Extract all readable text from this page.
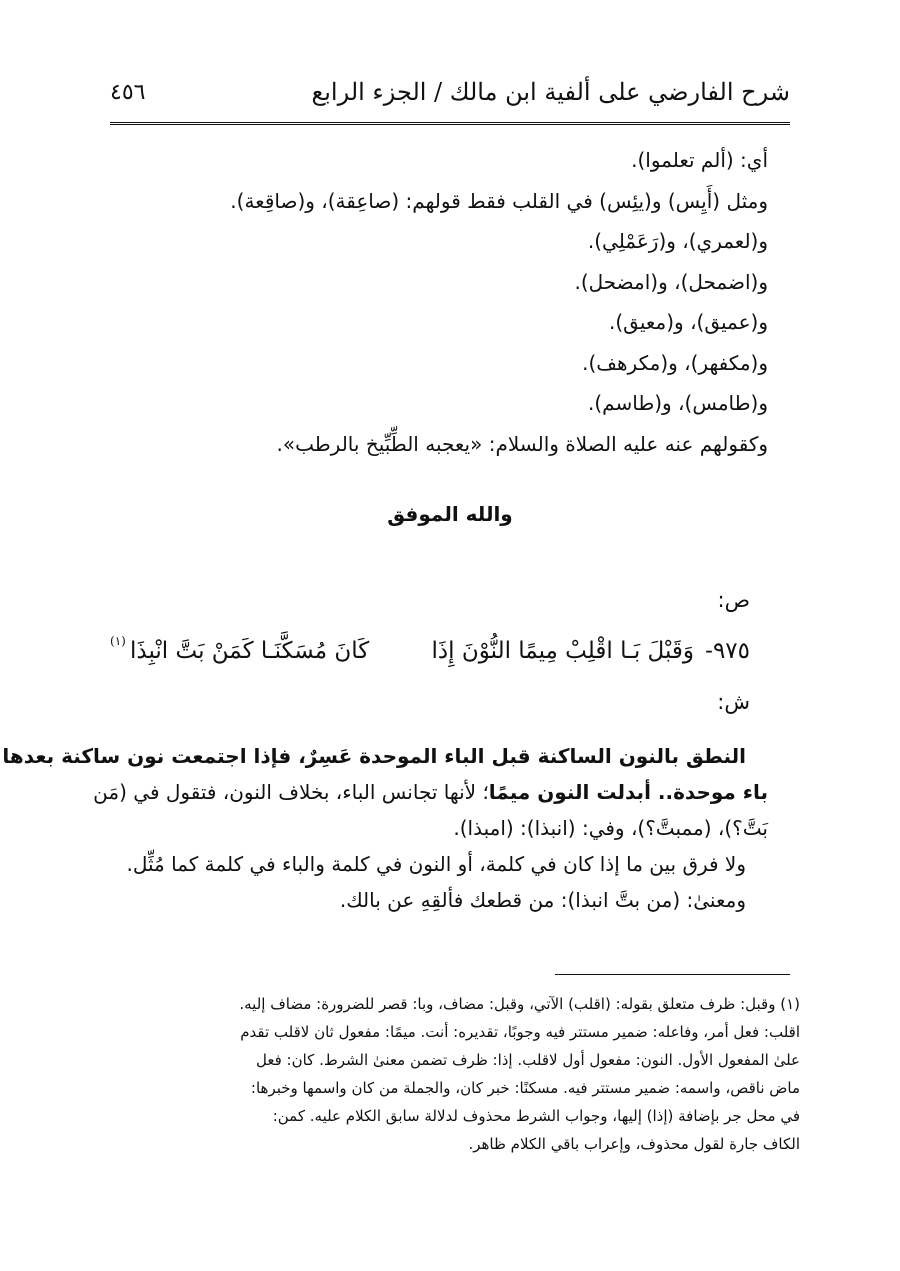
شرح الفارضي على ألفية ابن مالك / الجزء الرابع
٤٥٦
أي: (ألم تعلموا).
ومثل (أَيِس) و(يئِس) في القلب فقط قولهم: (صاعِقة)، و(صاقِعة).
و(لعمري)، و(رَعَمْلِي).
و(اضمحل)، و(امضحل).
و(عميق)، و(معيق).
و(مكفهر)، و(مكرهف).
و(طامس)، و(طاسم).
وكقولهم عنه عليه الصلاة والسلام: «يعجبه الطِّبِّيخ بالرطب».
والله الموفق
ص:
٩٧٥-
وَقَبْلَ بَـا اقْلِبْ مِيمًا النُّوْنَ إِذَا
كَانَ مُسَكَّنَـا كَمَنْ بَتَّ انْبِذَا
(١)
ش:
النطق بالنون الساكنة قبل الباء الموحدة عَسِرٌ، فإذا اجتمعت نون ساكنة بعدها
باء موحدة.. أبدلت النون ميمًا؛ لأنها تجانس الباء، بخلاف النون، فتقول في (مَن
بَتَّ؟)، (ممبتَّ؟)، وفي: (انبذا): (امبذا).
ولا فرق بين ما إذا كان في كلمة، أو النون في كلمة والباء في كلمة كما مُثِّل.
ومعنىٰ: (من بتَّ انبذا): من قطعك فألقِهِ عن بالك.
(١) وقبل: ظرف متعلق بقوله: (اقلب) الآتي، وقبل: مضاف، وبا: قصر للضرورة: مضاف إليه.
اقلب: فعل أمر، وفاعله: ضمير مستتر فيه وجوبًا، تقديره: أنت. ميمًا: مفعول ثان لاقلب تقدم
علىٰ المفعول الأول. النون: مفعول أول لاقلب. إذا: ظرف تضمن معنىٰ الشرط. كان: فعل
ماض ناقص، واسمه: ضمير مستتر فيه. مسكنًا: خبر كان، والجملة من كان واسمها وخبرها:
في محل جر بإضافة (إذا) إليها، وجواب الشرط محذوف لدلالة سابق الكلام عليه. كمن:
الكاف جارة لقول محذوف، وإعراب باقي الكلام ظاهر.
